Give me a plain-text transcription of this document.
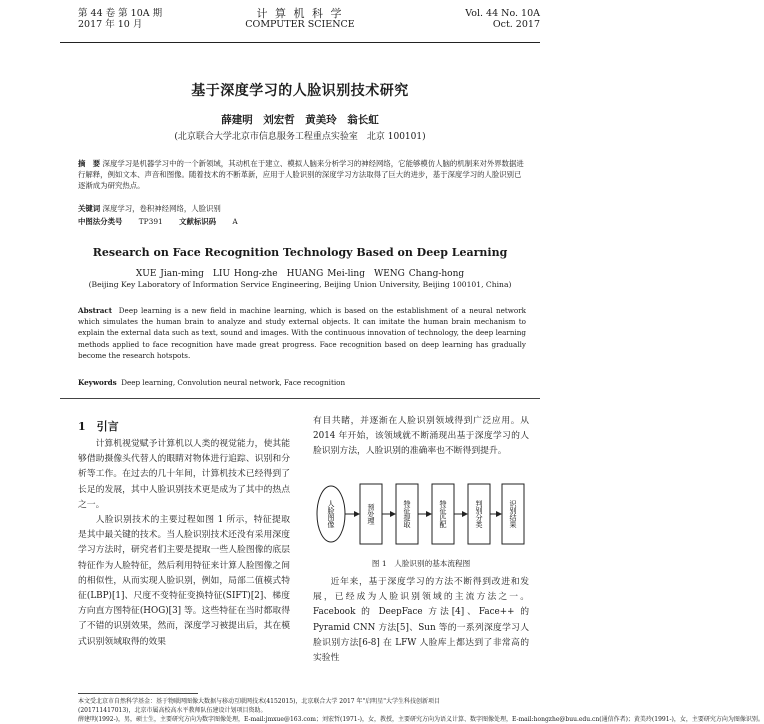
第 44 卷 第 10A 期
2017 年 10 月
计 算 机 科 学
COMPUTER SCIENCE
Vol. 44 No. 10A
Oct. 2017
基于深度学习的人脸识别技术研究
薛建明　刘宏哲　黄美玲　翁长虹
(北京联合大学北京市信息服务工程重点实验室　北京 100101)
摘　要 深度学习是机器学习中的一个新领域，其动机在于建立、模拟人脑来分析学习的神经网络，它能够模仿人脑的机制来对外界数据进行解释，例如文本、声音和图像。随着技术的不断革新，应用于人脸识别的深度学习方法取得了巨大的进步，基于深度学习的人脸识别已逐渐成为研究热点。
关键词 深度学习，卷积神经网络，人脸识别
中图法分类号 TP391 文献标识码 A
Research on Face Recognition Technology Based on Deep Learning
XUE Jian-ming　LIU Hong-zhe　HUANG Mei-ling　WENG Chang-hong
(Beijing Key Laboratory of Information Service Engineering, Beijing Union University, Beijing 100101, China)
Abstract Deep learning is a new field in machine learning, which is based on the establishment of a neural network which simulates the human brain to analyze and study external objects. It can imitate the human brain mechanism to explain the external data such as text, sound and images. With the continuous innovation of technology, the deep learning methods applied to face recognition have made great progress. Face recognition based on deep learning has gradually become the research hotspots.
Keywords Deep learning, Convolution neural network, Face recognition
1　引言

计算机视觉赋予计算机以人类的视觉能力，使其能够借助摄像头代替人的眼睛对物体进行追踪、识别和分析等工作。在过去的几十年间，计算机技术已经得到了长足的发展，其中人脸识别技术更是成为了其中的热点之一。

人脸识别技术的主要过程如图 1 所示，特征提取是其中最关键的技术。当人脸识别技术还没有采用深度学习方法时，研究者们主要是提取一些人脸图像的底层特征作为人脸特征，然后利用特征来计算人脸图像之间的相似性，从而实现人脸识别，例如，局部二值模式特征(LBP)[1]、尺度不变特征变换特征(SIFT)[2]、梯度方向直方图特征(HOG)[3] 等。这些特征在当时都取得了不错的识别效果，然而，深度学习被提出后，其在模式识别领域取得的效果

有目共睹，并逐渐在人脸识别领域得到广泛应用。从 2014 年开始，该领域就不断涌现出基于深度学习的人脸识别方法，人脸识别的准确率也不断得到提升。

人脸图像	预处理	特征提取	特征匹配	判别分类	识别结果
图 1　人脸识别的基本流程图

近年来，基于深度学习的方法不断得到改进和发展，已经成为人脸识别领域的主流方法之一。Facebook 的 DeepFace 方法[4]、Face++ 的 Pyramid CNN 方法[5]、Sun 等的一系列深度学习人脸识别方法[6-8] 在 LFW 人脸库上都达到了非常高的实验性

本文受北京市自然科学基金：基于物联网图像大数据与移动互联网技术(4152015)，北京联合大学 2017 年"启明星"大学生科技创新项目
(201711417013)，北京市属高校高水平教师队伍建设计划项目资助。
薛建明(1992-)，男，硕士生，主要研究方向为数字图像处理，E-mail:jmxue@163.com；刘宏哲(1971-)，女，教授，主要研究方向为语义计算、数字图像处理，E-mail:hongzhe@buu.edu.cn(通信作者)；黄美玲(1991-)，女，主要研究方向为图像识别。
